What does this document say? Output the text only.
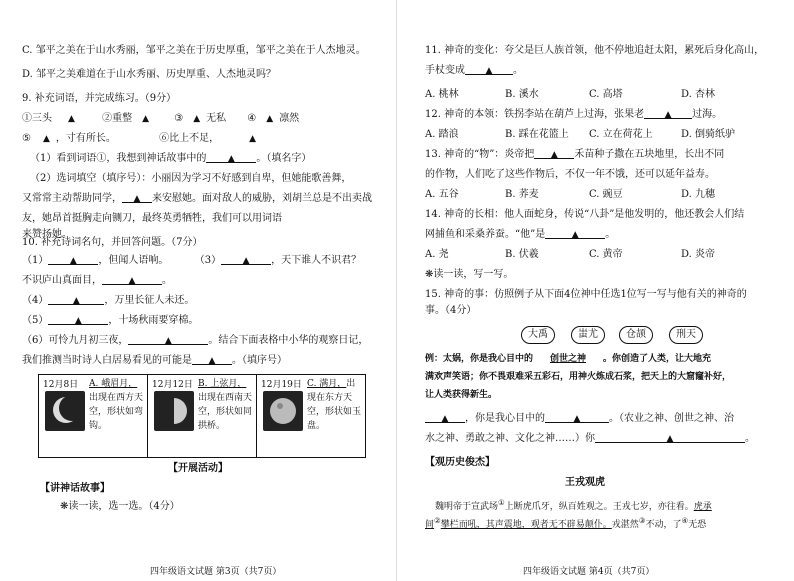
C. 邹平之美在于山水秀丽，邹平之美在于历史厚重，邹平之美在于人杰地灵。
D. 邹平之美难道在于山水秀丽、历史厚重、人杰地灵吗？
9. 补充词语，并完成练习。（9分）
①三头 ▲	②重整 ▲	③ ▲ 无私 ④ ▲ 凛然
⑤ ▲ ，寸有所长。	⑥比上不足，	▲
（1）看到词语①，我想到神话故事中的 ▲ 。（填名字）
（2）选词填空（填序号）：小丽因为学习不好感到自卑，但她能歌善舞，
又常常主动帮助同学， ▲ 来安慰她。面对敌人的威胁，刘胡兰总是不出卖战
友，她昂首挺胸走向铡刀，最终英勇牺牲，我们可以用词语
来赞扬她。
10. 补充诗词名句，并回答问题。（7分）
（1） ▲ ，但闻人语响。	（3） ▲ ，天下谁人不识君？
不识庐山真面目，	▲	。
（4）	▲ ，万里长征人未还。
（5）	▲	，十场秋雨要穿棉。
（6）可怜九月初三夜，	▲	。结合下面表格中小华的观察日记，
我们推测当时诗人白居易看见的可能是 ▲ 。（填序号）
12月8日 A. 峨眉月，出现在西方天空，形状如弯钩。

12月12日 B. 上弦月，出现在西南天空，形状如同拱桥。

12月19日 C. 满月，出现在东方天空，形状如玉盘。
【开展活动】
【讲神话故事】
❋读一读，选一选。（4分）
四年级语文试题 第3页（共7页）
11. 神奇的变化：夸父是巨人族首领，他不停地追赶太阳，累死后身化高山，
手杖变成 ▲ 。
A. 桃林	B. 溪水	C. 高塔	D. 杏林
12. 神奇的本领：铁拐李站在葫芦上过海，张果老 ▲ 过海。
A. 踏浪	B. 踩在花篮上 C. 立在荷花上	D. 倒骑纸驴
13. 神奇的“物”：炎帝把 ▲ 禾苗种子撒在五块地里，长出不同
的作物，人们吃了这些作物后，不仅一年不饿，还可以延年益寿。
A. 五谷	B. 荞麦	C. 豌豆	D. 九穗
14. 神奇的长相：他人面蛇身，传说“八卦”是他发明的，他还教会人们结
网捕鱼和采桑养蚕。“他”是	▲	。
A. 尧	B. 伏羲	C. 黄帝	D. 炎帝
❋读一读，写一写。
15. 神奇的事：仿照例子从下面4位神中任选1位写一写与他有关的神奇的
事。（4分）
大禹	蚩尤	仓颉	刑天
例：太娲，你是我心目中的 创世之神 。你创造了人类，让大地充
满欢声笑语；你不畏艰难采五彩石，用神火炼成石浆，把天上的大窟窿补好，
让人类获得新生。
▲ ，你是我心目中的	▲	。（农业之神、创世之神、治
水之神、勇敢之神、文化之神……）你	▲	。
【观历史俊杰】
王戎观虎
魏明帝于宣武场①上断虎爪牙，纵百姓观之。王戎七岁，亦往看。虎承
间②攀栏而吼，其声震地，观者无不辟易颠仆。戎湛然③不动，了④无恐
四年级语文试题 第4页（共7页）
